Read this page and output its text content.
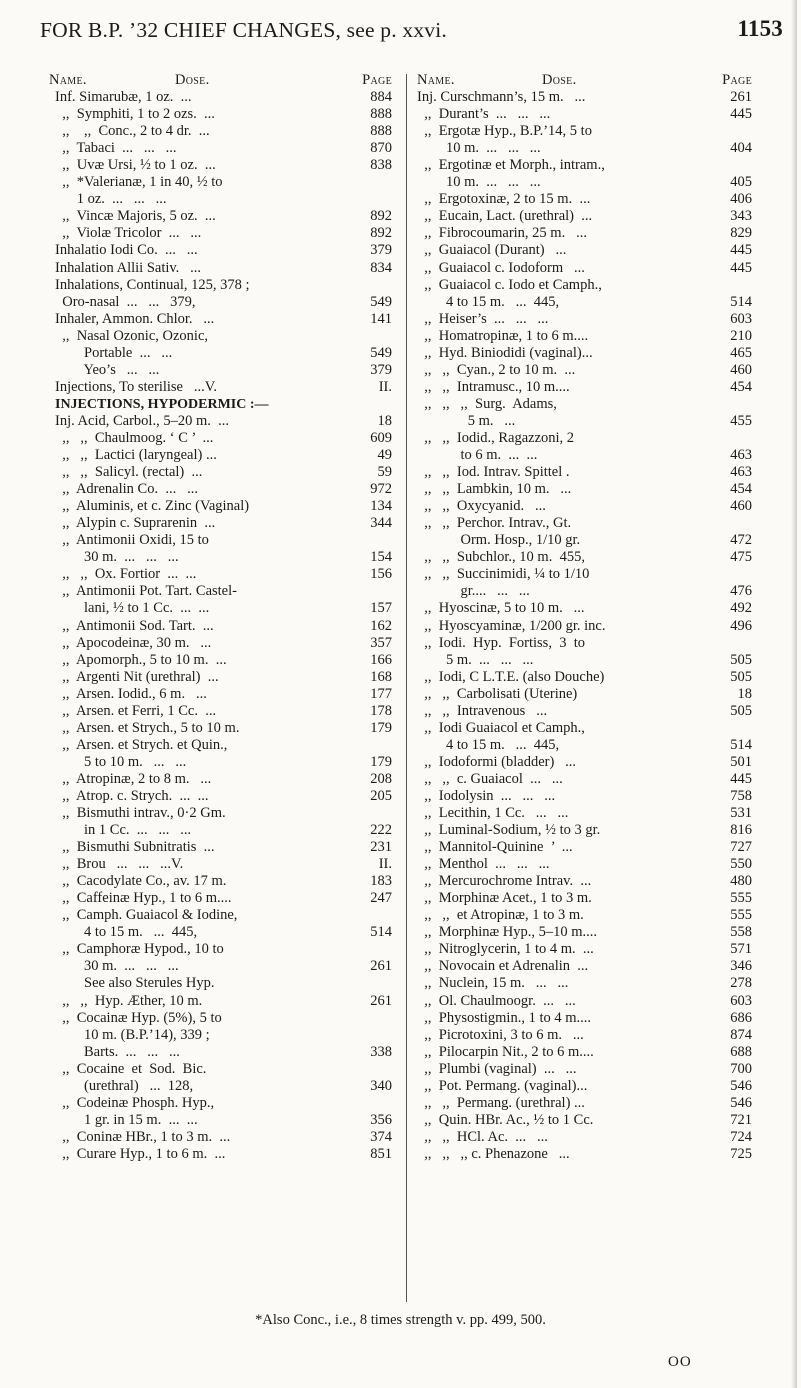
FOR B.P. ’32 CHIEF CHANGES, see p. xxvi.	1153
Name.	Dose.	Page
Inf. Simarubæ, 1 oz.  ...	884
,,  Symphiti, 1 to 2 ozs.  ...	888
,,    ,,  Conc., 2 to 4 dr.  ...	888
,,  Tabaci  ...   ...   ...	870
,,  Uvæ Ursi, ½ to 1 oz.  ...	838
,,  *Valerianæ, 1 in 40, ½ to
1 oz.  ...   ...   ...
,,  Vincæ Majoris, 5 oz.  ...	892
,,  Violæ Tricolor  ...   ...	892
Inhalatio Iodi Co.  ...   ...	379
Inhalation Allii Sativ.   ...	834
Inhalations, Continual, 125, 378 ;
Oro-nasal  ...   ...   379,	549
Inhaler, Ammon. Chlor.   ...	141
,,  Nasal Ozonic, Ozonic,
Portable  ...   ...	549
Yeo’s   ...   ...	379
Injections, To sterilise   ...V.	II.
INJECTIONS, HYPODERMIC :—
Inj. Acid, Carbol., 5–20 m.  ...	18
,,   ,,  Chaulmoog. ‘ C ’  ...	609
,,   ,,  Lactici (laryngeal) ...	49
,,   ,,  Salicyl. (rectal)  ...	59
,,  Adrenalin Co.  ...   ...	972
,,  Aluminis, et c. Zinc (Vaginal)	134
,,  Alypin c. Suprarenin  ...	344
,,  Antimonii Oxidi, 15 to
30 m.  ...   ...   ...	154
,,   ,,  Ox. Fortior  ...  ...	156
,,  Antimonii Pot. Tart. Castel-
lani, ½ to 1 Cc.  ...  ...	157
,,  Antimonii Sod. Tart.  ...	162
,,  Apocodeinæ, 30 m.   ...	357
,,  Apomorph., 5 to 10 m.  ...	166
,,  Argenti Nit (urethral)  ...	168
,,  Arsen. Iodid., 6 m.   ...	177
,,  Arsen. et Ferri, 1 Cc.  ...	178
,,  Arsen. et Strych., 5 to 10 m.	179
,,  Arsen. et Strych. et Quin.,
5 to 10 m.   ...   ...	179
,,  Atropinæ, 2 to 8 m.   ...	208
,,  Atrop. c. Strych.  ...  ...	205
,,  Bismuthi intrav., 0·2 Gm.
in 1 Cc.  ...   ...   ...	222
,,  Bismuthi Subnitratis  ...	231
,,  Brou   ...   ...   ...V.	II.
,,  Cacodylate Co., av. 17 m.	183
,,  Caffeinæ Hyp., 1 to 6 m....	247
,,  Camph. Guaiacol & Iodine,
4 to 15 m.   ...  445,	514
,,  Camphoræ Hypod., 10 to
30 m.  ...   ...   ...	261
See also Sterules Hyp.
,,   ,,  Hyp. Æther, 10 m.	261
,,  Cocainæ Hyp. (5%), 5 to
10 m. (B.P.’14), 339 ;
Barts.  ...   ...   ...	338
,,  Cocaine  et  Sod.  Bic.
(urethral)   ...  128,	340
,,  Codeinæ Phosph. Hyp.,
1 gr. in 15 m.  ...  ...	356
,,  Coninæ HBr., 1 to 3 m.  ...	374
,,  Curare Hyp., 1 to 6 m.  ...	851
Name.	Dose.	Page
Inj. Curschmann’s, 15 m.   ...	261
,,  Durant’s  ...   ...   ...	445
,,  Ergotæ Hyp., B.P.’14, 5 to
10 m.  ...   ...   ...	404
,,  Ergotinæ et Morph., intram.,
10 m.  ...   ...   ...	405
,,  Ergotoxinæ, 2 to 15 m.  ...	406
,,  Eucain, Lact. (urethral)  ...	343
,,  Fibrocoumarin, 25 m.   ...	829
,,  Guaiacol (Durant)   ...	445
,,  Guaiacol c. Iodoform   ...	445
,,  Guaiacol c. Iodo et Camph.,
4 to 15 m.   ...  445,	514
,,  Heiser’s  ...   ...   ...	603
,,  Homatropinæ, 1 to 6 m....	210
,,  Hyd. Biniodidi (vaginal)...	465
,,   ,,  Cyan., 2 to 10 m.  ...	460
,,   ,,  Intramusc., 10 m....	454
,,   ,,   ,,  Surg.  Adams,
5 m.   ...	455
,,   ,,  Iodid., Ragazzoni, 2
to 6 m.  ...  ...	463
,,   ,,  Iod. Intrav. Spittel .	463
,,   ,,  Lambkin, 10 m.   ...	454
,,   ,,  Oxycyanid.   ...	460
,,   ,,  Perchor. Intrav., Gt.
Orm. Hosp., 1/10 gr.	472
,,   ,,  Subchlor., 10 m.  455,	475
,,   ,,  Succinimidi, ¼ to 1/10
gr....   ...   ...	476
,,  Hyoscinæ, 5 to 10 m.   ...	492
,,  Hyoscyaminæ, 1/200 gr. inc.	496
,,  Iodi.  Hyp.  Fortiss,  3  to
5 m.  ...   ...   ...	505
,,  Iodi, C L.T.E. (also Douche)	505
,,   ,,  Carbolisati (Uterine)	18
,,   ,,  Intravenous   ...	505
,,  Iodi Guaiacol et Camph.,
4 to 15 m.   ...  445,	514
,,  Iodoformi (bladder)   ...	501
,,   ,,  c. Guaiacol  ...   ...	445
,,  Iodolysin  ...   ...   ...	758
,,  Lecithin, 1 Cc.   ...   ...	531
,,  Luminal-Sodium, ½ to 3 gr.	816
,,  Mannitol-Quinine  ’  ...	727
,,  Menthol  ...   ...   ...	550
,,  Mercurochrome Intrav.  ...	480
,,  Morphinæ Acet., 1 to 3 m.	555
,,   ,,  et Atropinæ, 1 to 3 m.	555
,,  Morphinæ Hyp., 5–10 m....	558
,,  Nitroglycerin, 1 to 4 m.  ...	571
,,  Novocain et Adrenalin  ...	346
,,  Nuclein, 15 m.   ...   ...	278
,,  Ol. Chaulmoogr.  ...   ...	603
,,  Physostigmin., 1 to 4 m....	686
,,  Picrotoxini, 3 to 6 m.   ...	874
,,  Pilocarpin Nit., 2 to 6 m....	688
,,  Plumbi (vaginal)  ...   ...	700
,,  Pot. Permang. (vaginal)...	546
,,   ,,  Permang. (urethral) ...	546
,,  Quin. HBr. Ac., ½ to 1 Cc.	721
,,   ,,  HCl. Ac.  ...   ...	724
,,   ,,   ,, c. Phenazone   ...	725
*Also Conc., i.e., 8 times strength v. pp. 499, 500.
OO
